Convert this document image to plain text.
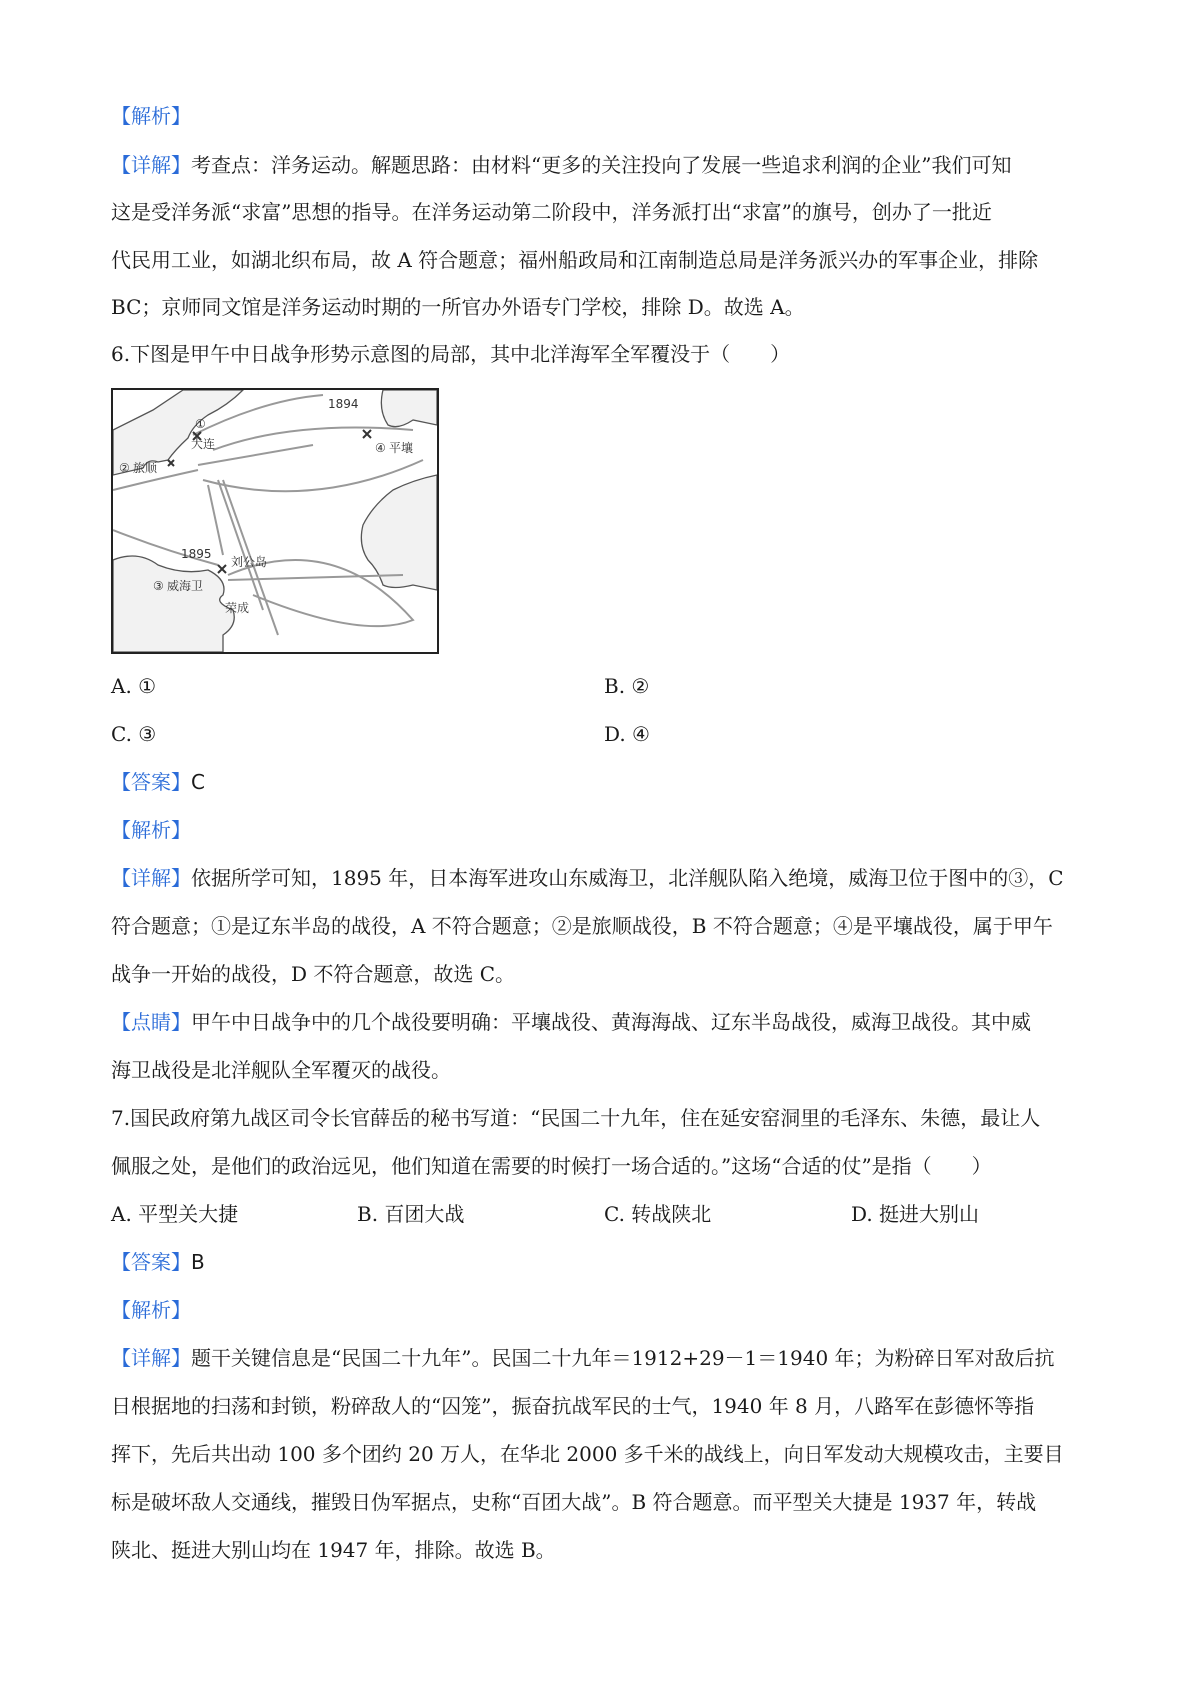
【解析】
【详解】考查点：洋务运动。解题思路：由材料“更多的关注投向了发展一些追求利润的企业”我们可知
这是受洋务派“求富”思想的指导。在洋务运动第二阶段中，洋务派打出“求富”的旗号，创办了一批近
代民用工业，如湖北织布局，故 A 符合题意；福州船政局和江南制造总局是洋务派兴办的军事企业，排除
BC；京师同文馆是洋务运动时期的一所官办外语专门学校，排除 D。故选 A。
6.下图是甲午中日战争形势示意图的局部，其中北洋海军全军覆没于（　　）
①
大连
② 旅顺
③ 威海卫
④ 平壤
刘公岛
荣成
1894
1895
A. ①	B. ②
C. ③	D. ④
【答案】C
【解析】
【详解】依据所学可知，1895 年，日本海军进攻山东威海卫，北洋舰队陷入绝境，威海卫位于图中的③，C
符合题意；①是辽东半岛的战役，A 不符合题意；②是旅顺战役，B 不符合题意；④是平壤战役，属于甲午
战争一开始的战役，D 不符合题意，故选 C。
【点睛】甲午中日战争中的几个战役要明确：平壤战役、黄海海战、辽东半岛战役，威海卫战役。其中威
海卫战役是北洋舰队全军覆灭的战役。
7.国民政府第九战区司令长官薛岳的秘书写道：“民国二十九年，住在延安窑洞里的毛泽东、朱德，最让人
佩服之处，是他们的政治远见，他们知道在需要的时候打一场合适的。”这场“合适的仗”是指（　　）
A. 平型关大捷	B. 百团大战	C. 转战陕北	D. 挺进大别山
【答案】B
【解析】
【详解】题干关键信息是“民国二十九年”。民国二十九年＝1912+29－1＝1940 年；为粉碎日军对敌后抗
日根据地的扫荡和封锁，粉碎敌人的“囚笼”，振奋抗战军民的士气，1940 年 8 月，八路军在彭德怀等指
挥下，先后共出动 100 多个团约 20 万人，在华北 2000 多千米的战线上，向日军发动大规模攻击，主要目
标是破坏敌人交通线，摧毁日伪军据点，史称“百团大战”。B 符合题意。而平型关大捷是 1937 年，转战
陕北、挺进大别山均在 1947 年，排除。故选 B。
